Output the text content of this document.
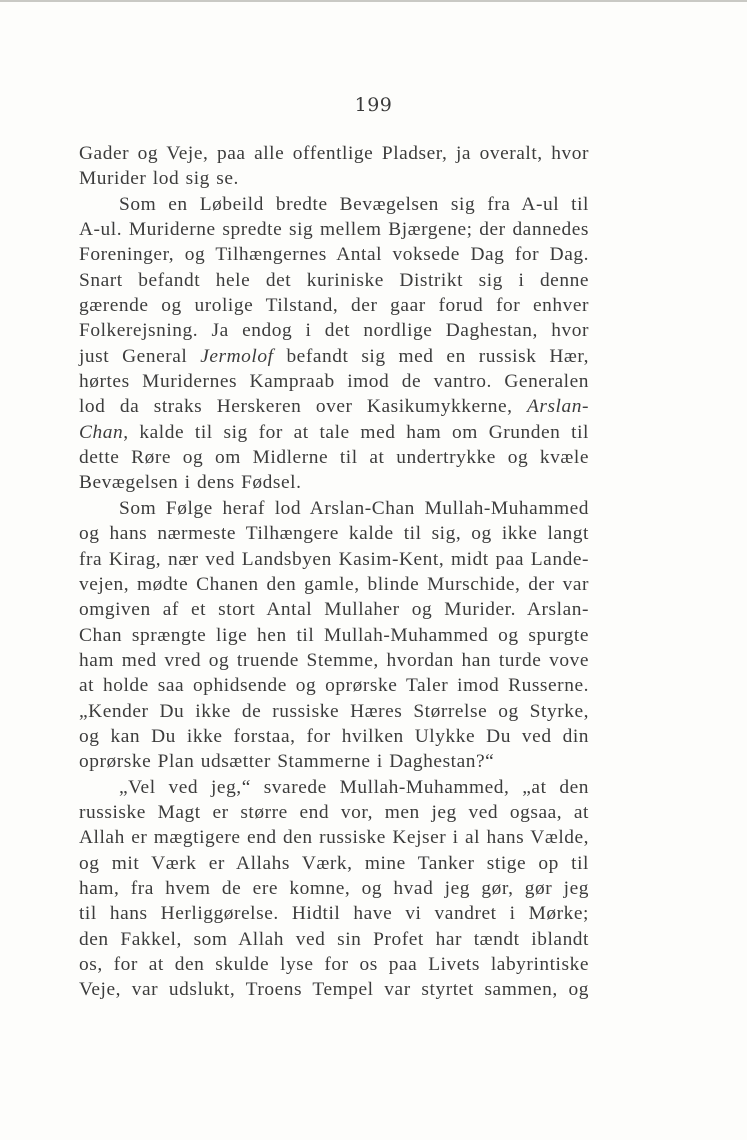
199
Gader og Veje, paa alle offentlige Pladser, ja overalt, hvor
Murider lod sig se.
Som en Løbeild bredte Bevægelsen sig fra A-ul til
A-ul. Muriderne spredte sig mellem Bjærgene; der dannedes
Foreninger, og Tilhængernes Antal voksede Dag for Dag.
Snart befandt hele det kuriniske Distrikt sig i denne
gærende og urolige Tilstand, der gaar forud for enhver
Folkerejsning. Ja endog i det nordlige Daghestan, hvor
just General Jermolof befandt sig med en russisk Hær,
hørtes Muridernes Kampraab imod de vantro. Generalen
lod da straks Herskeren over Kasikumykkerne, Arslan-
Chan, kalde til sig for at tale med ham om Grunden til
dette Røre og om Midlerne til at undertrykke og kvæle
Bevægelsen i dens Fødsel.
Som Følge heraf lod Arslan-Chan Mullah-Muhammed
og hans nærmeste Tilhængere kalde til sig, og ikke langt
fra Kirag, nær ved Landsbyen Kasim-Kent, midt paa Lande-
vejen, mødte Chanen den gamle, blinde Murschide, der var
omgiven af et stort Antal Mullaher og Murider. Arslan-
Chan sprængte lige hen til Mullah-Muhammed og spurgte
ham med vred og truende Stemme, hvordan han turde vove
at holde saa ophidsende og oprørske Taler imod Russerne.
„Kender Du ikke de russiske Hæres Størrelse og Styrke,
og kan Du ikke forstaa, for hvilken Ulykke Du ved din
oprørske Plan udsætter Stammerne i Daghestan?“
„Vel ved jeg,“ svarede Mullah-Muhammed, „at den
russiske Magt er større end vor, men jeg ved ogsaa, at
Allah er mægtigere end den russiske Kejser i al hans Vælde,
og mit Værk er Allahs Værk, mine Tanker stige op til
ham, fra hvem de ere komne, og hvad jeg gør, gør jeg
til hans Herliggørelse. Hidtil have vi vandret i Mørke;
den Fakkel, som Allah ved sin Profet har tændt iblandt
os, for at den skulde lyse for os paa Livets labyrintiske
Veje, var udslukt, Troens Tempel var styrtet sammen, og
